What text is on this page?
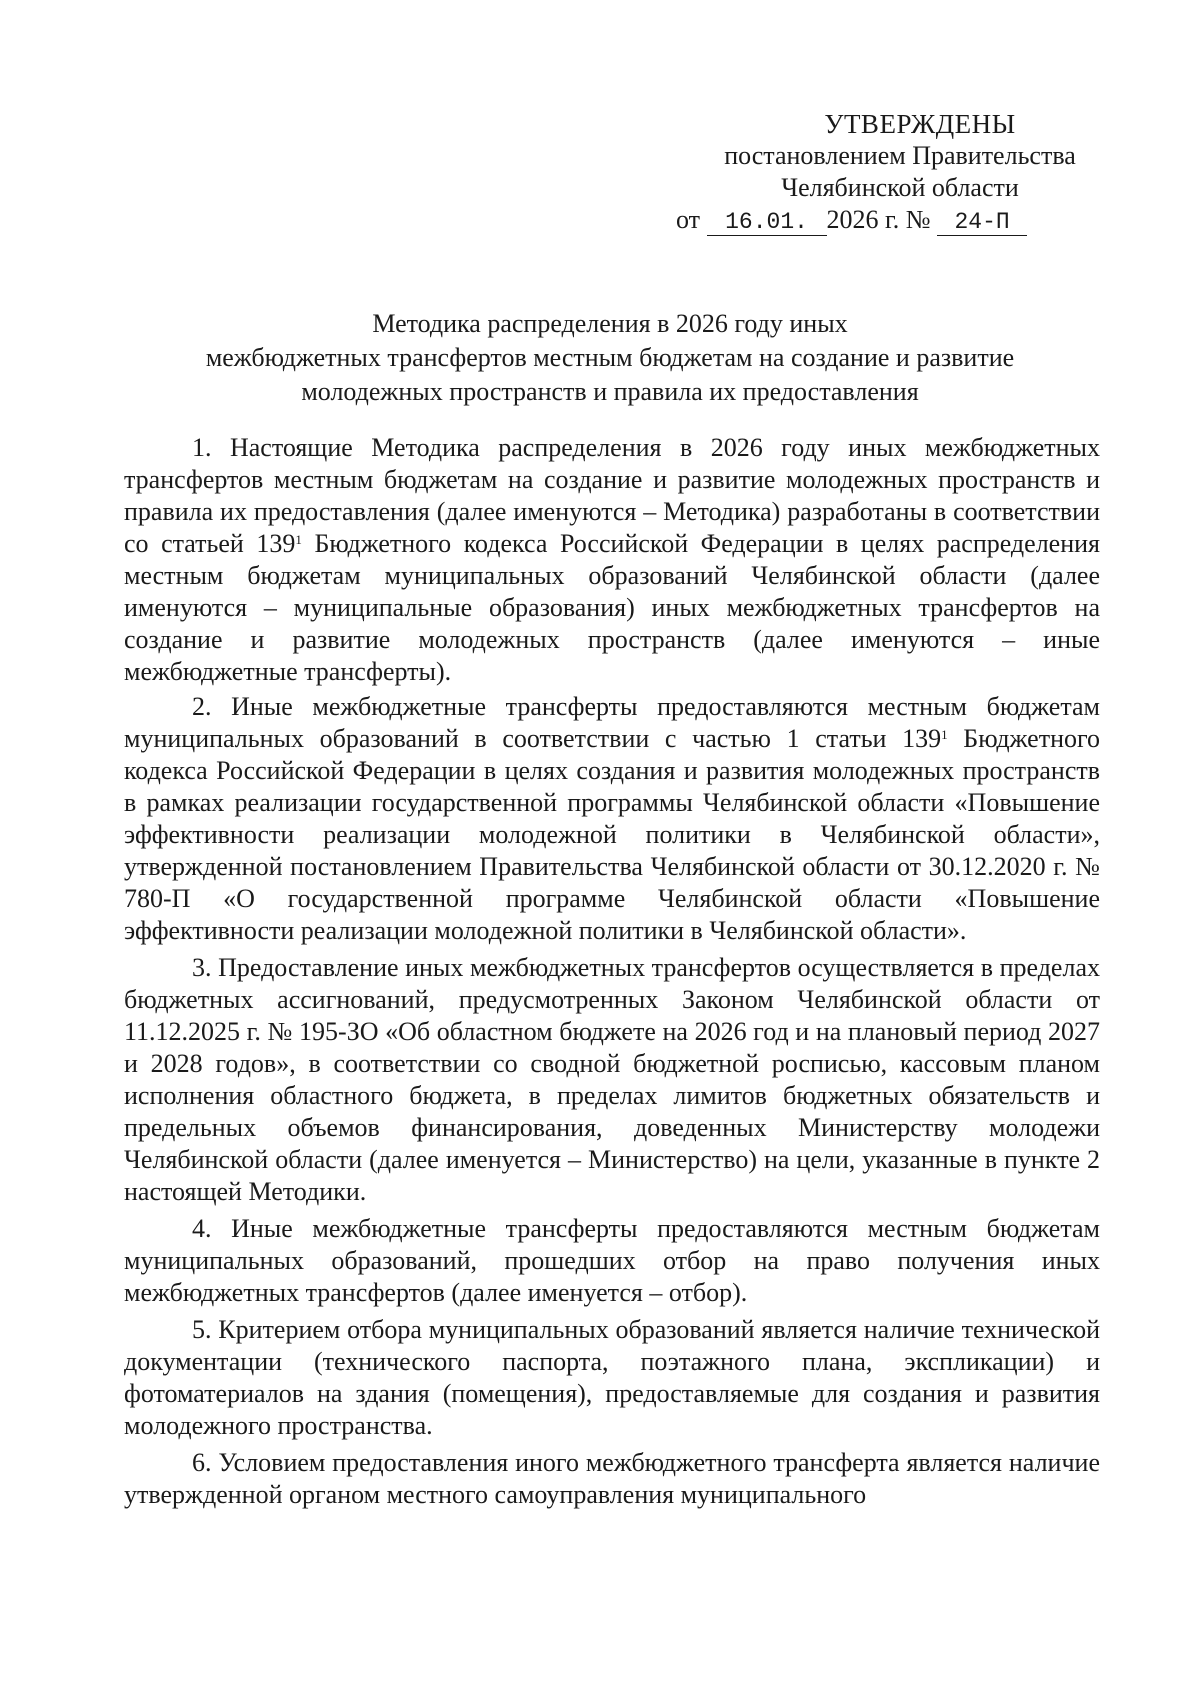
УТВЕРЖДЕНЫ
постановлением Правительства
Челябинской области
от 16.01. 2026 г. № 24-П
Методика распределения в 2026 году иных
межбюджетных трансфертов местным бюджетам на создание и развитие
молодежных пространств и правила их предоставления

1. Настоящие Методика распределения в 2026 году иных межбюджетных трансфертов местным бюджетам на создание и развитие молодежных пространств и правила их предоставления (далее именуются – Методика) разработаны в соответствии со статьей $139^1$ Бюджетного кодекса Российской Федерации в целях распределения местным бюджетам муниципальных образований Челябинской области (далее именуются – муниципальные образования) иных межбюджетных трансфертов на создание и развитие молодежных пространств (далее именуются – иные межбюджетные трансферты).

2. Иные межбюджетные трансферты предоставляются местным бюджетам муниципальных образований в соответствии с частью 1 статьи $139^1$ Бюджетного кодекса Российской Федерации в целях создания и развития молодежных пространств в рамках реализации государственной программы Челябинской области «Повышение эффективности реализации молодежной политики в Челябинской области», утвержденной постановлением Правительства Челябинской области от 30.12.2020 г. № 780-П «О государственной программе Челябинской области «Повышение эффективности реализации молодежной политики в Челябинской области».

3. Предоставление иных межбюджетных трансфертов осуществляется в пределах бюджетных ассигнований, предусмотренных Законом Челябинской области от 11.12.2025 г. № 195-ЗО «Об областном бюджете на 2026 год и на плановый период 2027 и 2028 годов», в соответствии со сводной бюджетной росписью, кассовым планом исполнения областного бюджета, в пределах лимитов бюджетных обязательств и предельных объемов финансирования, доведенных Министерству молодежи Челябинской области (далее именуется – Министерство) на цели, указанные в пункте 2 настоящей Методики.

4. Иные межбюджетные трансферты предоставляются местным бюджетам муниципальных образований, прошедших отбор на право получения иных межбюджетных трансфертов (далее именуется – отбор).

5. Критерием отбора муниципальных образований является наличие технической документации (технического паспорта, поэтажного плана, экспликации) и фотоматериалов на здания (помещения), предоставляемые для создания и развития молодежного пространства.

6. Условием предоставления иного межбюджетного трансферта является наличие утвержденной органом местного самоуправления муниципального
